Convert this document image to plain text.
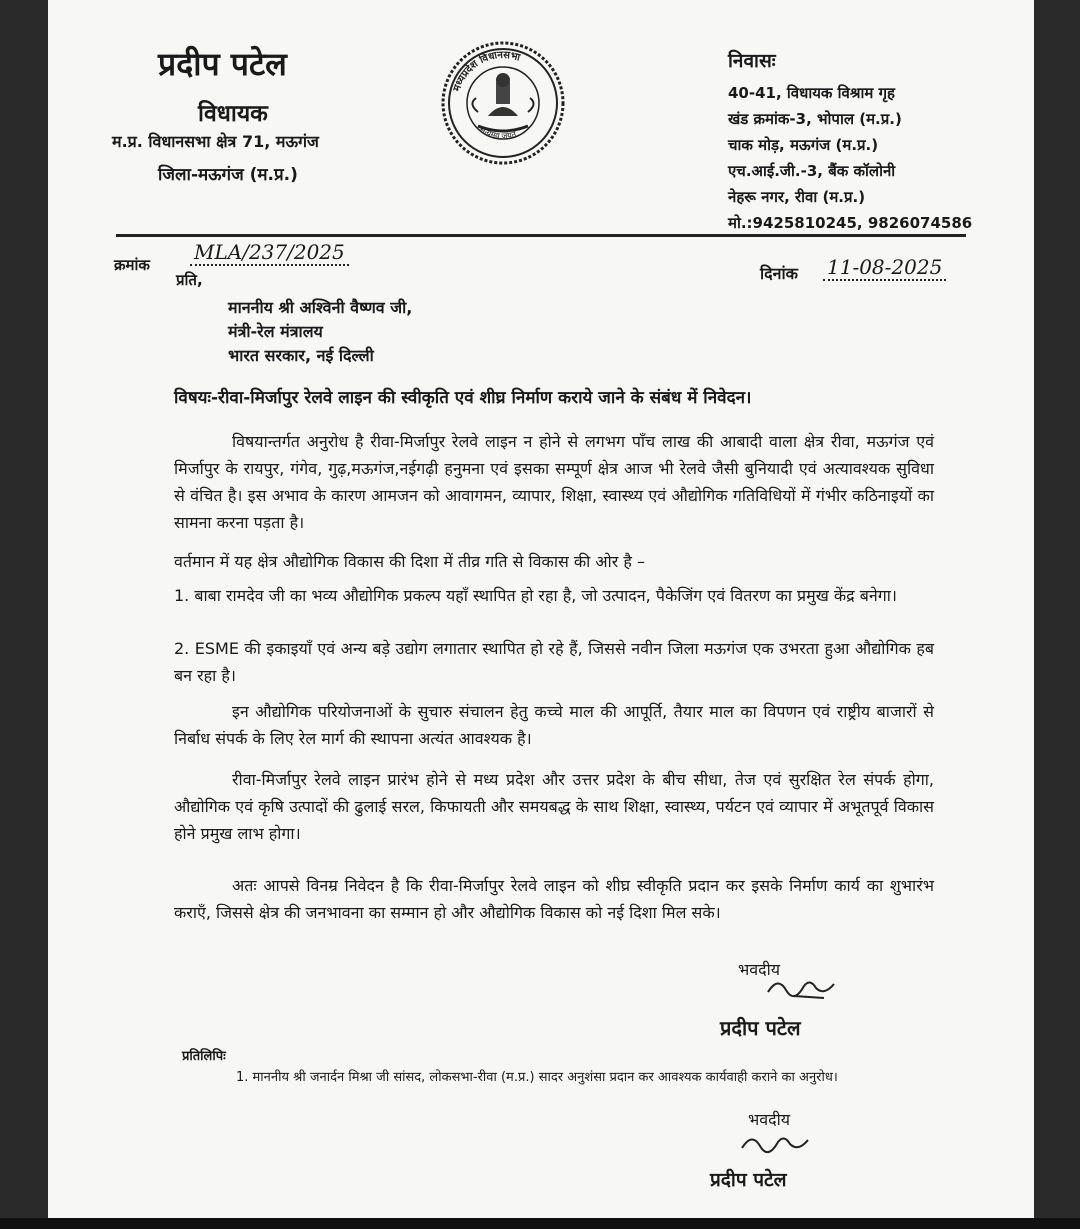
प्रदीप पटेल
विधायक
म.प्र. विधानसभा क्षेत्र 71, मऊगंज
जिला-मऊगंज (म.प्र.)
मध्यप्रदेश विधानसभा
सत्यमेव जयते
निवासः
40-41, विधायक विश्राम गृह
खंड क्रमांक-3, भोपाल (म.प्र.)
चाक मोड़, मऊगंज (म.प्र.)
एच.आई.जी.-3, बैंक कॉलोनी
नेहरू नगर, रीवा (म.प्र.)
मो.:9425810245, 9826074586
क्रमांक
MLA/237/2025
प्रति,	दिनांक 11-08-2025
माननीय श्री अश्विनी वैष्णव जी,
मंत्री-रेल मंत्रालय
भारत सरकार, नई दिल्ली
विषयः-रीवा-मिर्जापुर रेलवे लाइन की स्वीकृति एवं शीघ्र निर्माण कराये जाने के संबंध में निवेदन।
विषयान्तर्गत अनुरोध है रीवा-मिर्जापुर रेलवे लाइन न होने से लगभग पाँच लाख की आबादी वाला क्षेत्र रीवा, मऊगंज एवं मिर्जापुर के रायपुर, गंगेव, गुढ़,मऊगंज,नईगढ़ी हनुमना एवं इसका सम्पूर्ण क्षेत्र आज भी रेलवे जैसी बुनियादी एवं अत्यावश्यक सुविधा से वंचित है। इस अभाव के कारण आमजन को आवागमन, व्यापार, शिक्षा, स्वास्थ्य एवं औद्योगिक गतिविधियों में गंभीर कठिनाइयों का सामना करना पड़ता है।
वर्तमान में यह क्षेत्र औद्योगिक विकास की दिशा में तीव्र गति से विकास की ओर है –
1. बाबा रामदेव जी का भव्य औद्योगिक प्रकल्प यहाँ स्थापित हो रहा है, जो उत्पादन, पैकेजिंग एवं वितरण का प्रमुख केंद्र बनेगा।
2. ESME की इकाइयाँ एवं अन्य बड़े उद्योग लगातार स्थापित हो रहे हैं, जिससे नवीन जिला मऊगंज एक उभरता हुआ औद्योगिक हब बन रहा है।
इन औद्योगिक परियोजनाओं के सुचारु संचालन हेतु कच्चे माल की आपूर्ति, तैयार माल का विपणन एवं राष्ट्रीय बाजारों से निर्बाध संपर्क के लिए रेल मार्ग की स्थापना अत्यंत आवश्यक है।
रीवा-मिर्जापुर रेलवे लाइन प्रारंभ होने से मध्य प्रदेश और उत्तर प्रदेश के बीच सीधा, तेज एवं सुरक्षित रेल संपर्क होगा, औद्योगिक एवं कृषि उत्पादों की ढुलाई सरल, किफायती और समयबद्ध के साथ शिक्षा, स्वास्थ्य, पर्यटन एवं व्यापार में अभूतपूर्व विकास होने प्रमुख लाभ होगा।
अतः आपसे विनम्र निवेदन है कि रीवा-मिर्जापुर रेलवे लाइन को शीघ्र स्वीकृति प्रदान कर इसके निर्माण कार्य का शुभारंभ कराएँ, जिससे क्षेत्र की जनभावना का सम्मान हो और औद्योगिक विकास को नई दिशा मिल सके।
भवदीय
प्रदीप पटेल
प्रतिलिपिः
1. माननीय श्री जनार्दन मिश्रा जी सांसद, लोकसभा-रीवा (म.प्र.) सादर अनुशंसा प्रदान कर आवश्यक कार्यवाही कराने का अनुरोध।
भवदीय
प्रदीप पटेल
